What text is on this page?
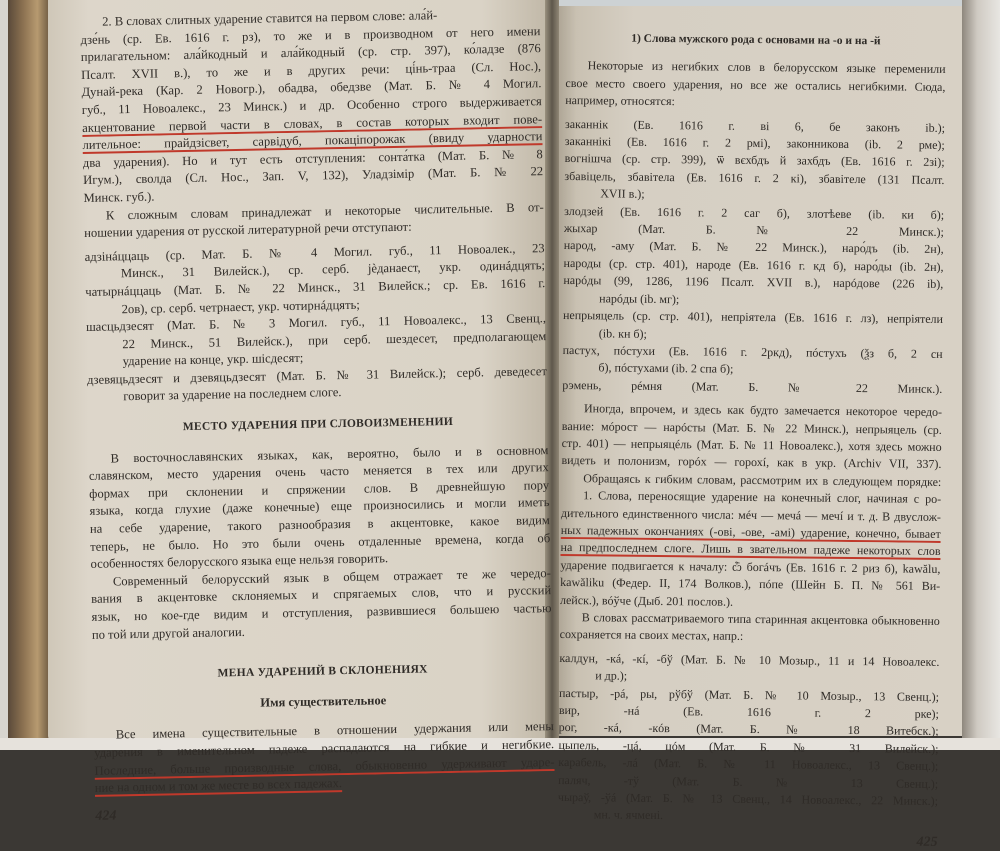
2. В словах слитных ударение ставится на первом слове: ала́й-
дзе́нь (ср. Ев. 1616 г. рз), то же и в производном от него имени
прилагательном: ала́йкодный и ала́йкодный (ср. стр. 397), ко́ладзе (876
Псалт. XVII в.), то же и в других речи: ці́нь-траа (Сл. Нос.),
Дунай-река (Кар. 2 Новогр.), обадва, обедзве (Мат. Б. № 4 Могил.
губ., 11 Новоалекс., 23 Минск.) и др. Особенно строго выдерживается
акцентование первой части в словах, в состав которых входит пове-
лительное: прайдзісвет, сарвідуб, покаціпорожак (ввиду ударности
два ударения). Но и тут есть отступления: сонта́тка (Мат. Б. № 8
Игум.), сволда (Сл. Нос., Зап. V, 132), Уладзімір (Мат. Б. № 22
Минск. губ.).
К сложным словам принадлежат и некоторые числительные. В от-
ношении ударения от русской литературной речи отступают:
адзінáццаць (ср. Мат. Б. № 4 Могил. губ., 11 Новоалек., 23
Минск., 31 Вилейск.), ср. серб. јѐданаест, укр. одинáдцять;
чатырнáццаць (Мат. Б. № 22 Минск., 31 Вилейск.; ср. Ев. 1616 г.
2ов), ср. серб. четрнаест, укр. чотирнáдцять;
шасцьдзесят (Мат. Б. № 3 Могил. губ., 11 Новоалекс., 13 Свенц.,
22 Минск., 51 Вилейск.), при серб. шездесет, предполагающем
ударение на конце, укр. шісдесят;
дзевяцьдзесят и дзевяцьдзесят (Мат. Б. № 31 Вилейск.); серб. деведесет
говорит за ударение на последнем слоге.
МЕСТО УДАРЕНИЯ ПРИ СЛОВОИЗМЕНЕНИИ
В восточнославянских языках, как, вероятно, было и в основном
славянском, место ударения очень часто меняется в тех или других
формах при склонении и спряжении слов. В древнейшую пору
языка, когда глухие (даже конечные) еще произносились и могли иметь
на себе ударение, такого разнообразия в акцентовке, какое видим
теперь, не было. Но это были очень отдаленные времена, когда об
особенностях белорусского языка еще нельзя говорить.
Современный белорусский язык в общем отражает те же чередо-
вания в акцентовке склоняемых и спрягаемых слов, что и русский
язык, но кое-где видим и отступления, развившиеся большею частью
по той или другой аналогии.
МЕНА УДАРЕНИЙ В СКЛОНЕНИЯХ
Имя существительное
Все имена существительные в отношении удержания или мены
ударения в именительном падеже распадаются на гибкие и негибкие.
Последние, больше производные слова, обыкновенно удерживают ударе-
ние на одном и том же месте во всех падежах.
424
1) Слова мужского рода с основами на -о и на -й
Некоторые из негибких слов в белорусском языке переменили
свое место своего ударения, но все же остались негибкими. Сюда,
например, относятся:
заканнік (Ев. 1616 г. ві 6, бе законъ ib.);
заканнікі (Ев. 1616 г. 2 рмі), законникова (ib. 2 рме);
вогнішча (ср. стр. 399), ѿ вєхбдъ й захбдъ (Ев. 1616 г. 2зі);
збавіцель, збавітела (Ев. 1616 г. 2 кі), збавітеле (131 Псалт.
XVII в.);
злодзей (Ев. 1616 г. 2 саг б), злотѣеве (ib. ки б);
жыхар (Мат. Б. № 22 Минск.);
народ, -аму (Мат. Б. № 22 Минск.), наро́дъ (ib. 2н),
народы (ср. стр. 401), народе (Ев. 1616 г. кд б), наро́ды (ib. 2н),
нарóды (99, 1286, 1196 Псалт. XVII в.), нарóдове (226 іb),
нарóды (ib. мг);
непрыяцель (ср. стр. 401), непріятела (Ев. 1616 г. лз), непріятели
(ib. кн б);
пастух, пóстухи (Ев. 1616 г. 2ркд), пóстухъ (ѯз б, 2 сн
б), пóстухами (ib. 2 спа б);
рэмень, рéмня (Мат. Б. № 22 Минск.).
Иногда, впрочем, и здесь как будто замечается некоторое чередо-
вание: мóрост — нарóсты (Мат. Б. № 22 Минск.), непрыяцель (ср.
стр. 401) — непрыяцéль (Мат. Б. № 11 Новоалекс.), хотя здесь можно
видеть и полонизм, горóх — горохí, как в укр. (Archiv VII, 337).
Обращаясь к гибким словам, рассмотрим их в следующем порядке:
1. Слова, переносящие ударение на конечный слог, начиная с ро-
дительного единственного числа: мéч — мечá — мечí и т. д. В двуслож-
ных падежных окончаниях (-ові, -ове, -амі) ударение, конечно, бывает
на предпоследнем слоге. Лишь в звательном падеже некоторых слов
ударение подвигается к началу: ѽ богáчъ (Ев. 1616 г. 2 риз б), kawălu,
kawăliku (Федер. II, 174 Волков.), пóпе (Шейн Б. П. № 561 Ви-
лейск.), вóўче (Дыб. 201 послов.).
В словах рассматриваемого типа старинная акцентовка обыкновенно
сохраняется на своих местах, напр.:
калдун, -кá, -кí, -бў (Мат. Б. № 10 Мозыр., 11 и 14 Новоалекс.
и др.);
пастыр, -рá, ры, рўбў (Мат. Б. № 10 Мозыр., 13 Свенц.);
вир, -нá (Ев. 1616 г. 2 рке);
рог, -кá, -кóв (Мат. Б. № 18 Витебск.);
цыпель, -цá, цóм (Мат. Б. № 31 Вилейск.);
карабель, -лá (Мат. Б. № 11 Новоалекс., 13 Свенц.);
паляч, -тў (Мат. Б. № 13 Свенц.);
чыраў, -ўá (Мат. Б. № 13 Свенц., 14 Новоалекс., 22 Минск.);
мн. ч. ячмені.
425
